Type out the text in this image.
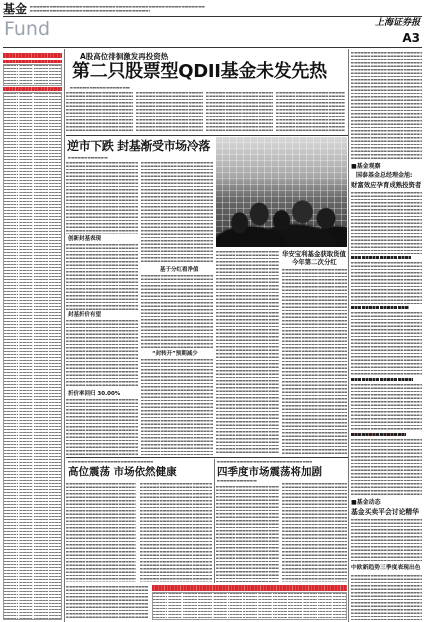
基金
Fund	上海证券报
A3
A股高位徘徊激发再投资热
第二只股票型QDII基金未发先热
■基金观察
国泰基金总经理金旭:
财富效应孕育成熟投资者
■基金动态
基金买卖平会讨论精华
中欧新趋势三季度表现出色
逆市下跌 封基渐受市场冷落
创新封基表现
封基折价有望
折价率回归 30.00%
基于分红看净值
“封转开”预期减少
华安宝利基金获取货值
今年第二次分红
高位震荡 市场依然健康	四季度市场震荡将加剧
